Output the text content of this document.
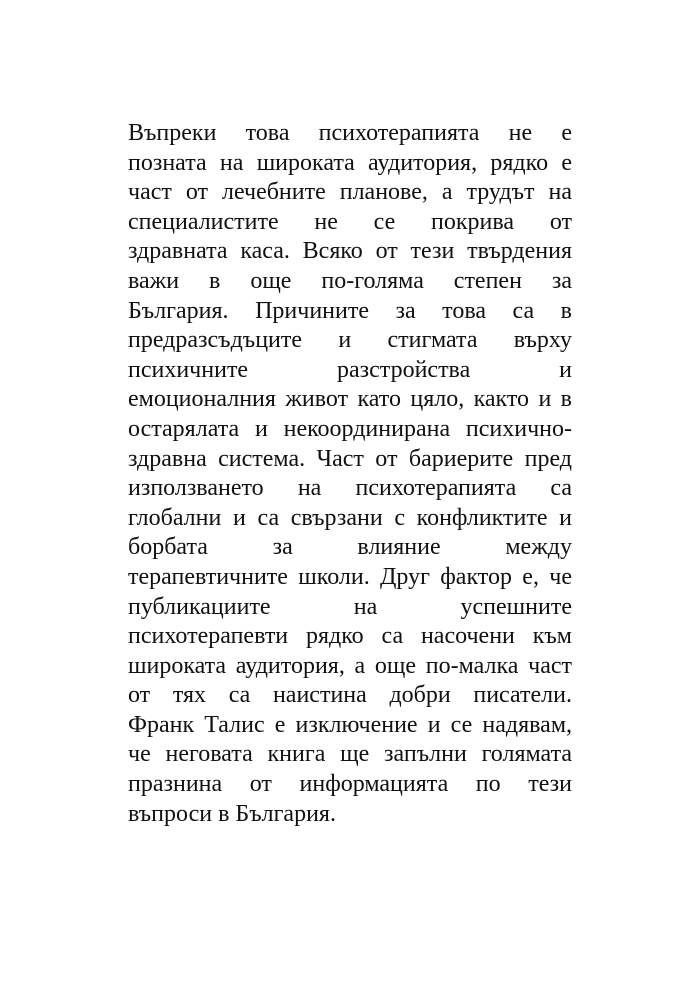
Въпреки това психотерапията не е
позната на широката аудитория, рядко е
част от лечебните планове, а трудът на
специалистите не се покрива от
здравната каса. Всяко от тези твърдения
важи в още по-голяма степен за
България. Причините за това са в
предразсъдъците и стигмата върху
психичните разстройства и
емоционалния живот като цяло, както и в
остарялата и некоординирана психично-
здравна система. Част от бариерите пред
използването на психотерапията са
глобални и са свързани с конфликтите и
борбата за влияние между
терапевтичните школи. Друг фактор е, че
публикациите на успешните
психотерапевти рядко са насочени към
широката аудитория, а още по-малка част
от тях са наистина добри писатели.
Франк Талис е изключение и се надявам,
че неговата книга ще запълни голямата
празнина от информацията по тези
въпроси в България.
